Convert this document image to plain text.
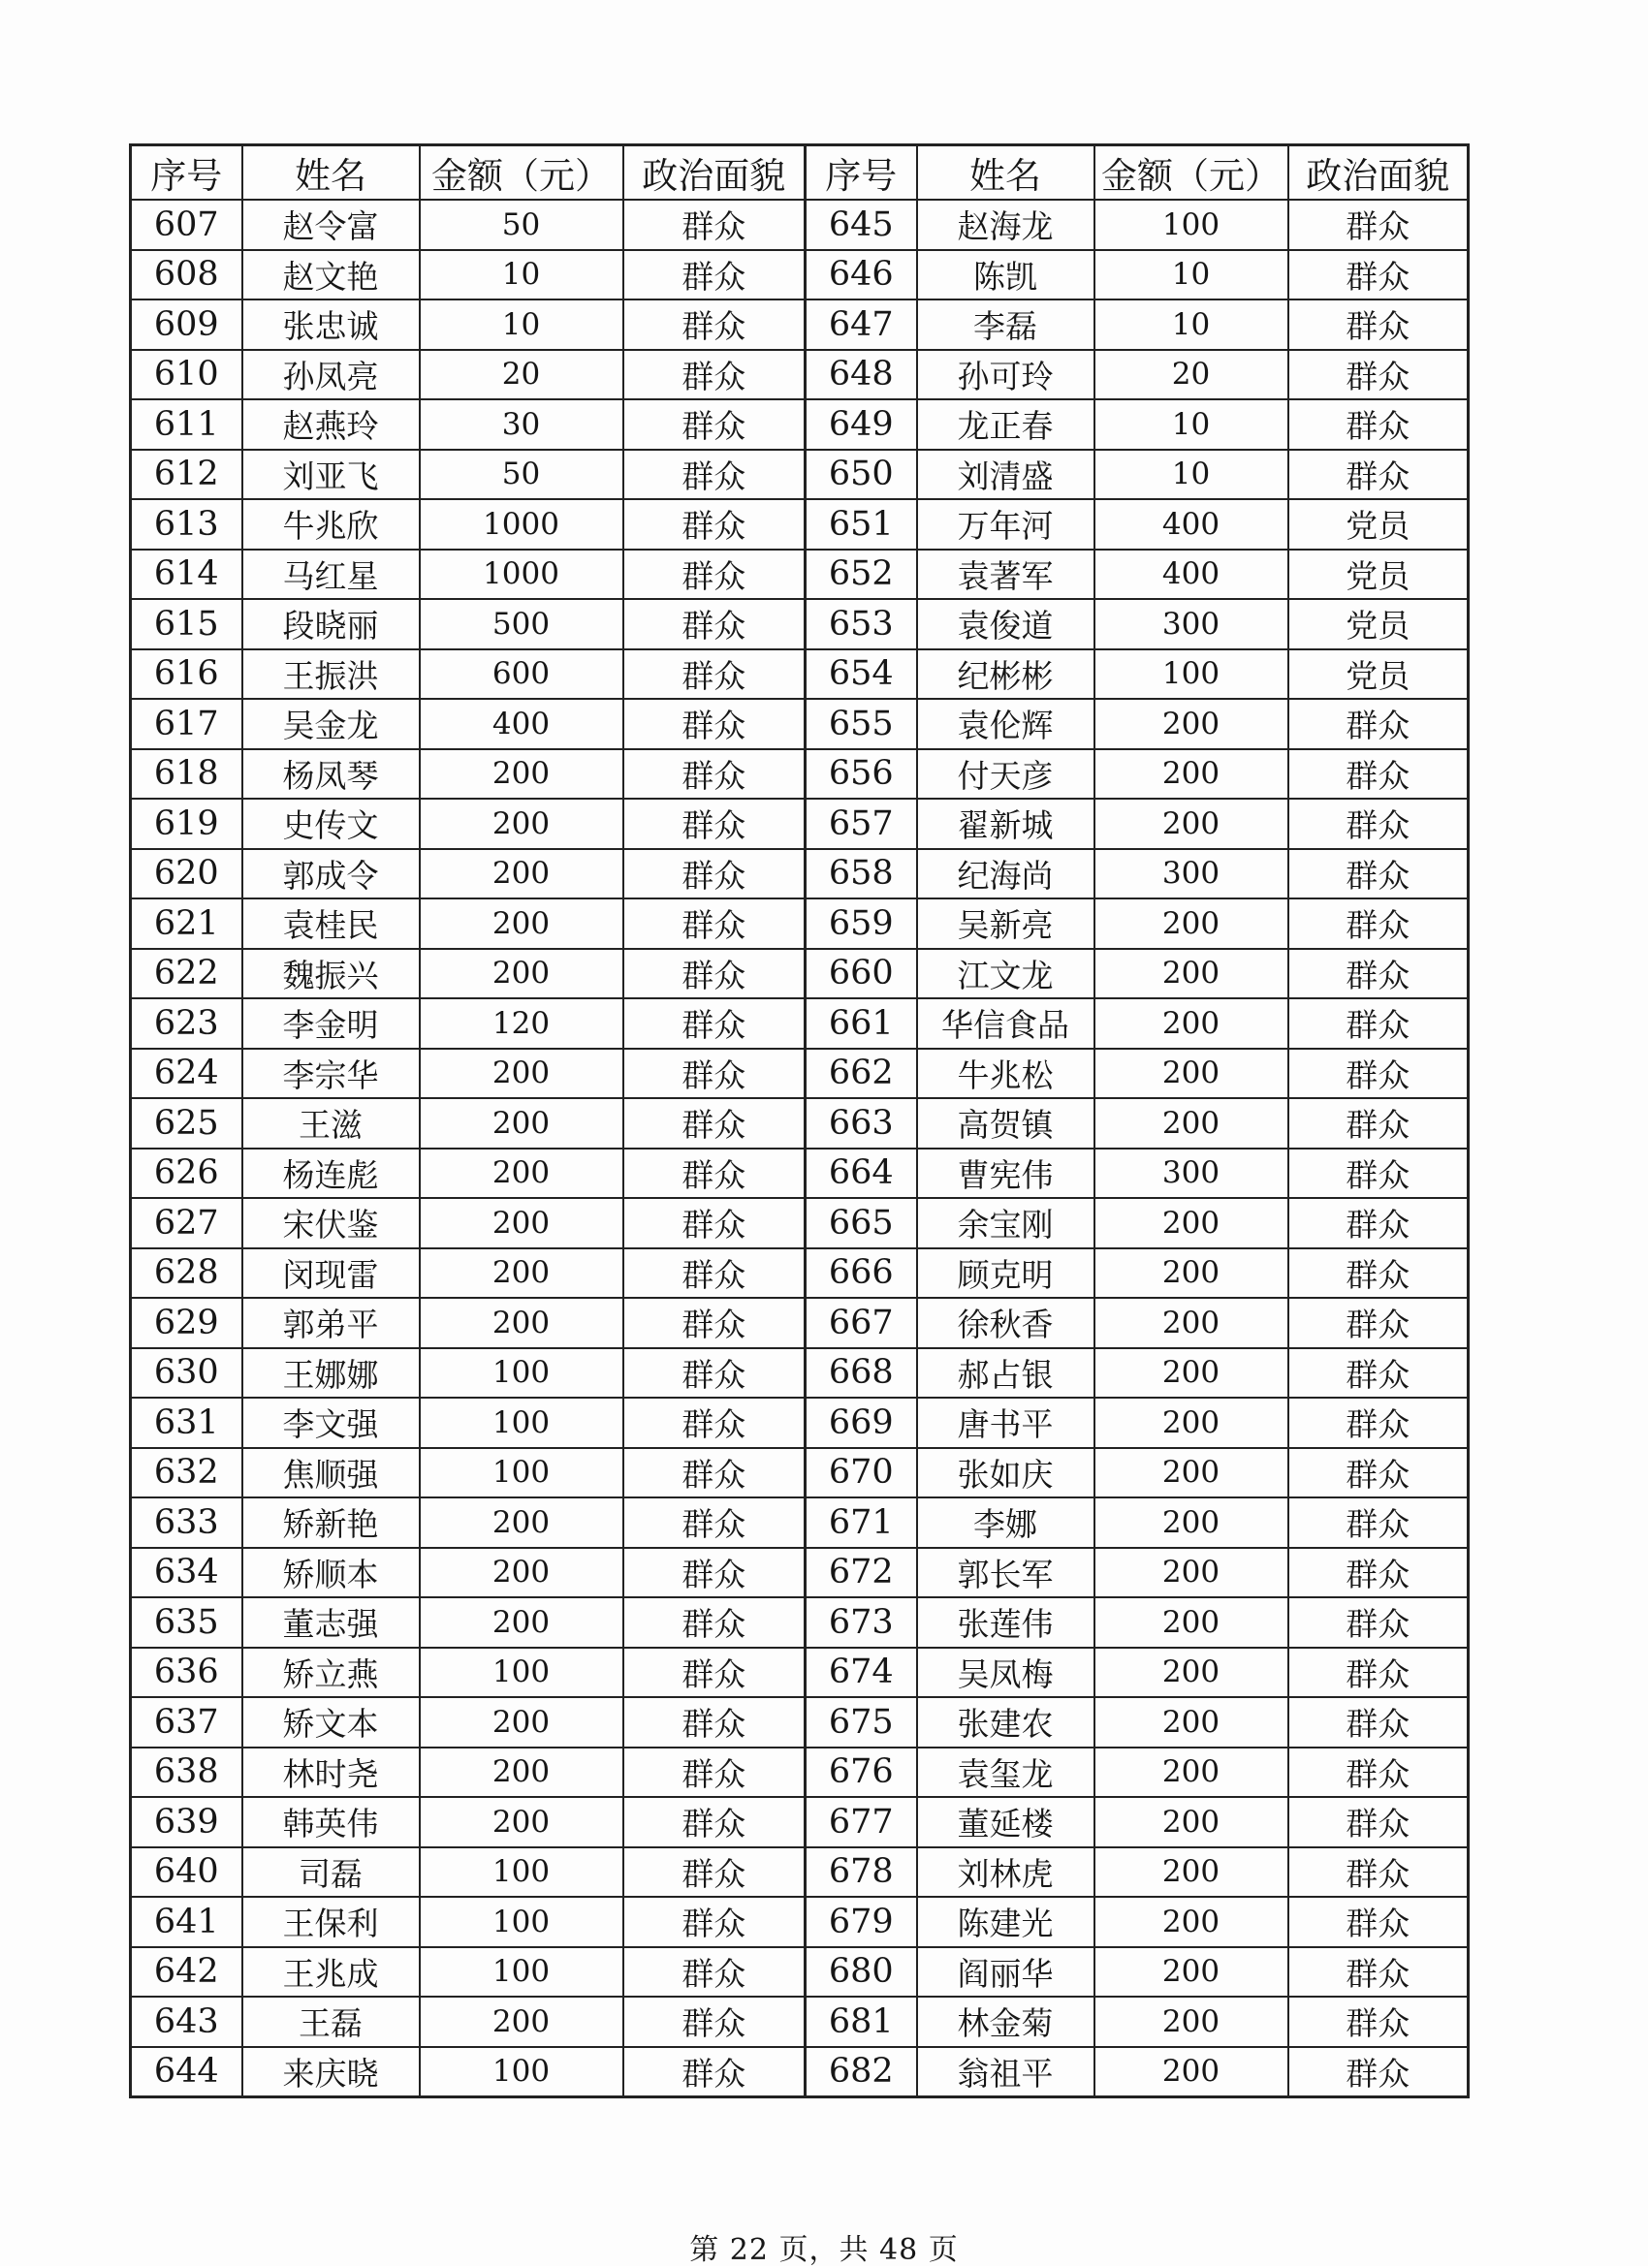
序号	姓名	金额（元）	政治面貌	序号	姓名	金额（元）	政治面貌
607	赵令富	50	群众	645	赵海龙	100	群众
608	赵文艳	10	群众	646	陈凯	10	群众
609	张忠诚	10	群众	647	李磊	10	群众
610	孙凤亮	20	群众	648	孙可玲	20	群众
611	赵燕玲	30	群众	649	龙正春	10	群众
612	刘亚飞	50	群众	650	刘清盛	10	群众
613	牛兆欣	1000	群众	651	万年河	400	党员
614	马红星	1000	群众	652	袁著军	400	党员
615	段晓丽	500	群众	653	袁俊道	300	党员
616	王振洪	600	群众	654	纪彬彬	100	党员
617	吴金龙	400	群众	655	袁伦辉	200	群众
618	杨凤琴	200	群众	656	付天彦	200	群众
619	史传文	200	群众	657	翟新城	200	群众
620	郭成令	200	群众	658	纪海尚	300	群众
621	袁桂民	200	群众	659	吴新亮	200	群众
622	魏振兴	200	群众	660	江文龙	200	群众
623	李金明	120	群众	661	华信食品	200	群众
624	李宗华	200	群众	662	牛兆松	200	群众
625	王滋	200	群众	663	高贺镇	200	群众
626	杨连彪	200	群众	664	曹宪伟	300	群众
627	宋伏鉴	200	群众	665	余宝刚	200	群众
628	闵现雷	200	群众	666	顾克明	200	群众
629	郭弟平	200	群众	667	徐秋香	200	群众
630	王娜娜	100	群众	668	郝占银	200	群众
631	李文强	100	群众	669	唐书平	200	群众
632	焦顺强	100	群众	670	张如庆	200	群众
633	矫新艳	200	群众	671	李娜	200	群众
634	矫顺本	200	群众	672	郭长军	200	群众
635	董志强	200	群众	673	张莲伟	200	群众
636	矫立燕	100	群众	674	吴凤梅	200	群众
637	矫文本	200	群众	675	张建农	200	群众
638	林时尧	200	群众	676	袁玺龙	200	群众
639	韩英伟	200	群众	677	董延楼	200	群众
640	司磊	100	群众	678	刘林虎	200	群众
641	王保利	100	群众	679	陈建光	200	群众
642	王兆成	100	群众	680	阎丽华	200	群众
643	王磊	200	群众	681	林金菊	200	群众
644	来庆晓	100	群众	682	翁祖平	200	群众
第 22 页，共 48 页
